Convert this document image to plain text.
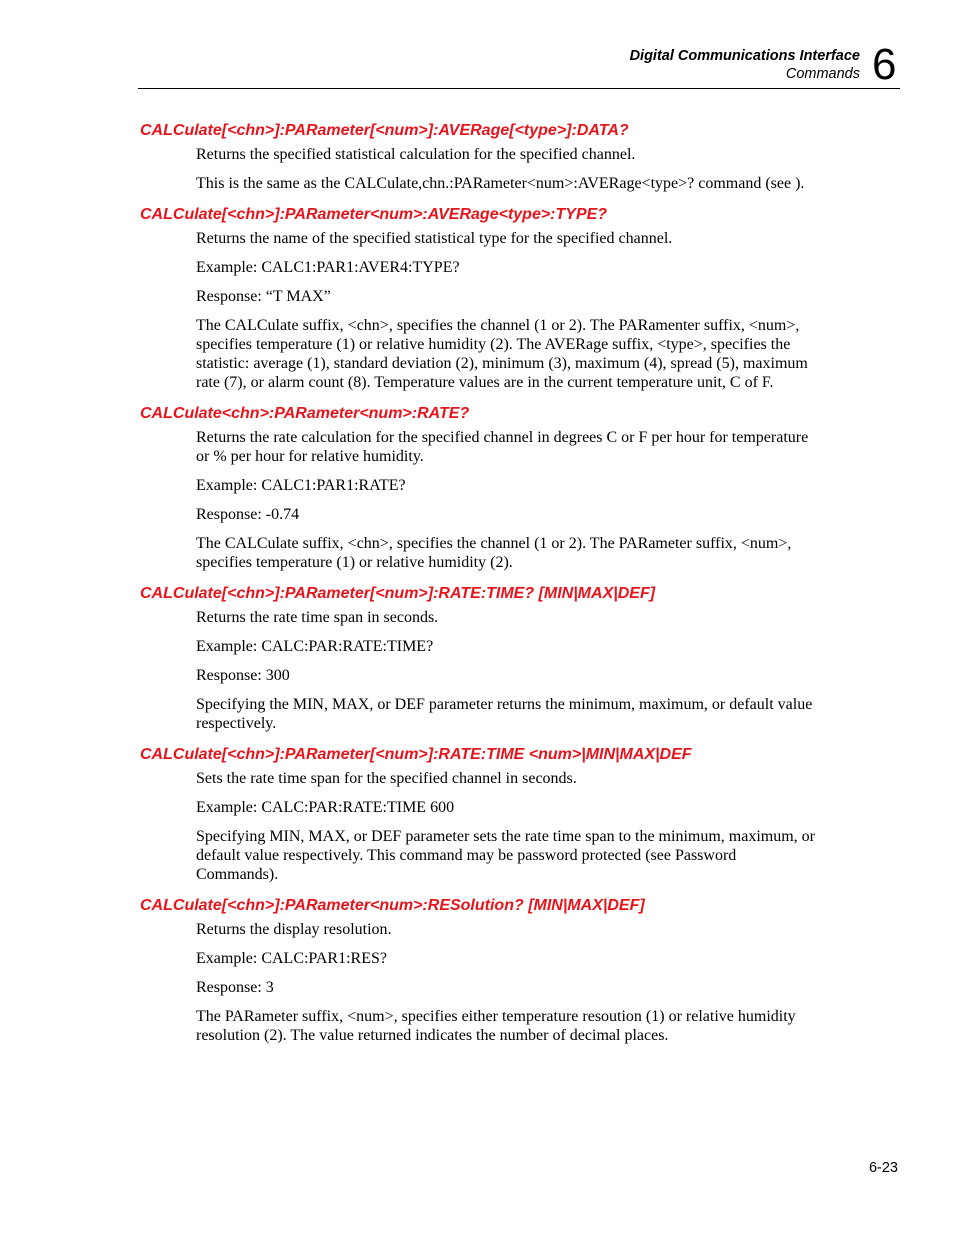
Digital Communications Interface
Commands 6
CALCulate[<chn>]:PARameter[<num>]:AVERage[<type>]:DATA?

Returns the specified statistical calculation for the specified channel.

This is the same as the CALCulate,chn.:PARameter<num>:AVERage<type>? command (see ).

CALCulate[<chn>]:PARameter<num>:AVERage<type>:TYPE?

Returns the name of the specified statistical type for the specified channel.

Example: CALC1:PAR1:AVER4:TYPE?

Response: “T MAX”

The CALCulate suffix, <chn>, specifies the channel (1 or 2). The PARamenter suffix, <num>, specifies temperature (1) or relative humidity (2). The AVERage suffix, <type>, specifies the statistic: average (1), standard deviation (2), minimum (3), maximum (4), spread (5), maximum rate (7), or alarm count (8). Temperature values are in the current temperature unit, C of F.

CALCulate<chn>:PARameter<num>:RATE?

Returns the rate calculation for the specified channel in degrees C or F per hour for temperature or % per hour for relative humidity.

Example: CALC1:PAR1:RATE?

Response: -0.74

The CALCulate suffix, <chn>, specifies the channel (1 or 2). The PARameter suffix, <num>, specifies temperature (1) or relative humidity (2).

CALCulate[<chn>]:PARameter[<num>]:RATE:TIME? [MIN|MAX|DEF]

Returns the rate time span in seconds.

Example: CALC:PAR:RATE:TIME?

Response: 300

Specifying the MIN, MAX, or DEF parameter returns the minimum, maximum, or default value respectively.

CALCulate[<chn>]:PARameter[<num>]:RATE:TIME <num>|MIN|MAX|DEF

Sets the rate time span for the specified channel in seconds.

Example: CALC:PAR:RATE:TIME 600

Specifying MIN, MAX, or DEF parameter sets the rate time span to the minimum, maximum, or default value respectively. This command may be password protected (see Password Commands).

CALCulate[<chn>]:PARameter<num>:RESolution? [MIN|MAX|DEF]

Returns the display resolution.

Example: CALC:PAR1:RES?

Response: 3

The PARameter suffix, <num>, specifies either temperature resoution (1) or relative humidity resolution (2). The value returned indicates the number of decimal places.

6-23
